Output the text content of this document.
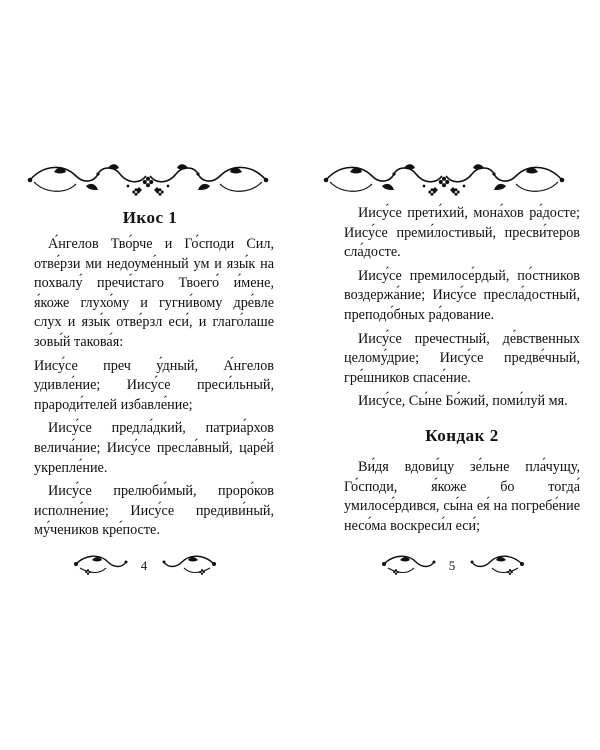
Икос 1

А́нгелов Тво́рче и Го́споди Сил, отве́рзи ми недоуме́нный ум и язы́к на похвалу́ пречи́стаго Твоего́ и́мене, я́коже глухо́му и гугни́вому дре́вле слух и язы́к отве́рзл еси́, и глаго́лаше зовы́й такова́я:

Иису́се преч у́дный, А́нгелов удивле́ние; Иису́се преси́льный, прароди́телей избавле́ние;

Иису́се предла́дкий, патриа́рхов велича́ние; Иису́се пресла́вный, царе́й укрепле́ние.

Иису́се прелюби́мый, проро́ков исполне́ние; Иису́се предиви́ный, му́чеников кре́посте.

4

Иису́се прети́хий, мона́хов ра́досте; Иису́се преми́лостивый, пресви́теров сла́досте.

Иису́се премилосе́рдый, по́стников воздержа́ние; Иису́се пресла́достный, преподо́бных ра́дование.

Иису́се пречестный, де́вственных целому́дрие; Иису́се предве́чный, гре́шников спасе́ние.

Иису́се, Сы́не Бо́жий, поми́луй мя.

Кондак 2

Ви́дя вдови́цу зе́льне пла́чущу, Го́споди, я́коже бо тогда́ умилосе́рдився, сы́на ея́ на погребе́ние несо́ма воскреси́л еси́;

5
